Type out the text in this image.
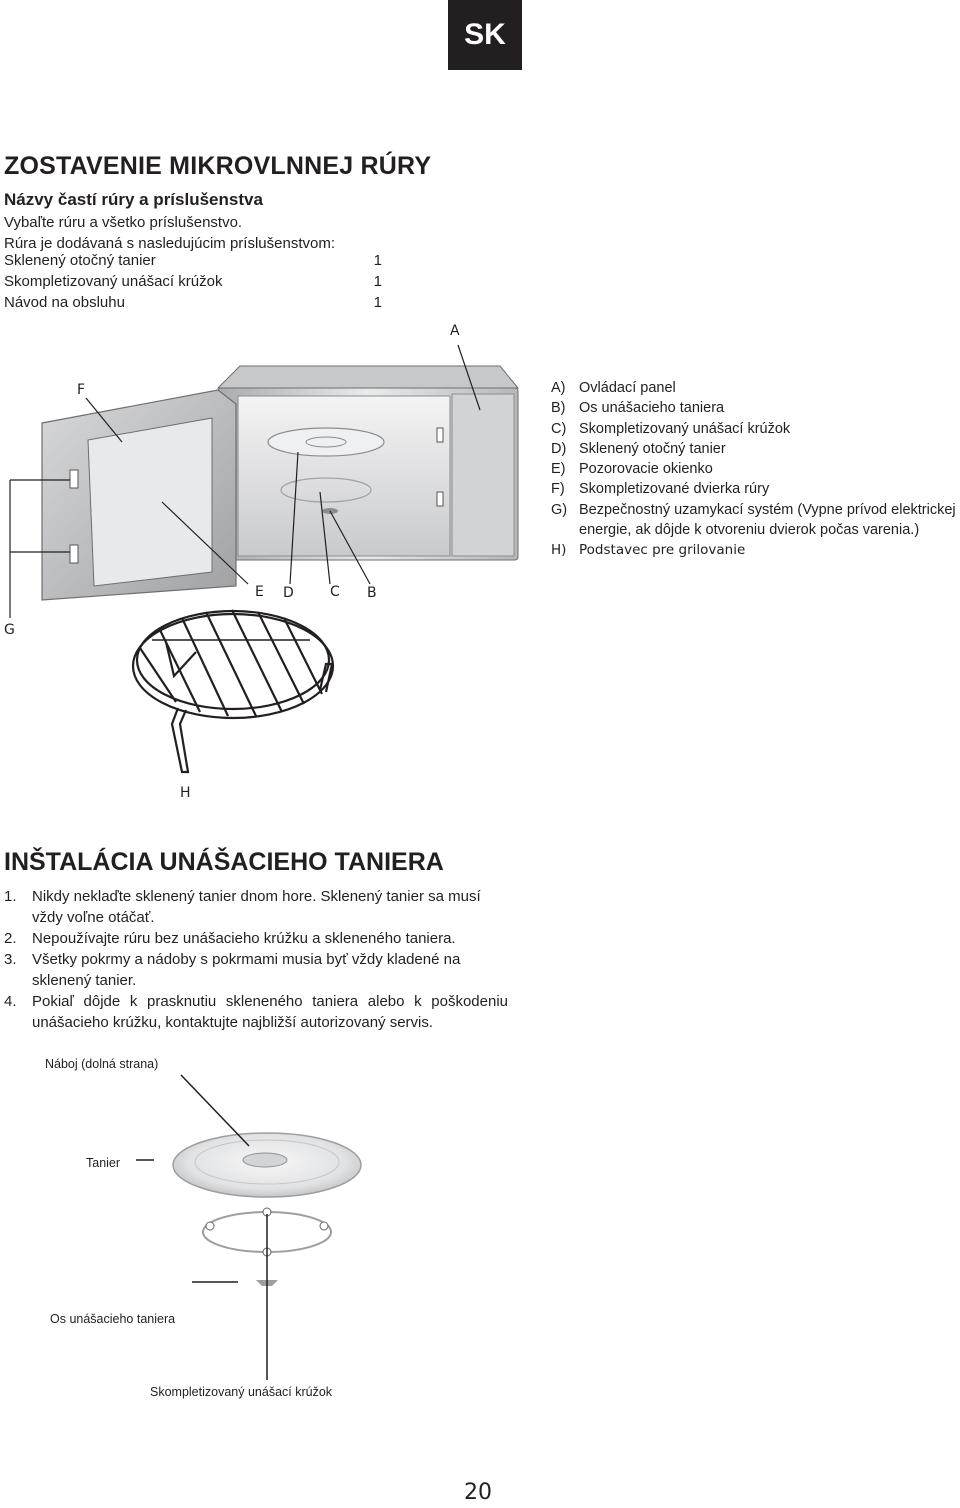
SK
ZOSTAVENIE MIKROVLNNEJ RÚRY
Názvy častí rúry a príslušenstva
Vybaľte rúru a všetko príslušenstvo.
Rúra je dodávaná s nasledujúcim príslušenstvom:
Sklenený otočný tanier	1
Skompletizovaný unášací krúžok	1
Návod na obsluhu	1
A
F
G
E D	C B
H
A) Ovládací panel
B) Os unášacieho taniera
C) Skompletizovaný unášací krúžok
D) Sklenený otočný tanier
E) Pozorovacie okienko
F) Skompletizované dvierka rúry
G) Bezpečnostný uzamykací systém (Vypne prívod elektrickej energie, ak dôjde k otvoreniu dvierok počas varenia.)
H) Podstavec pre grilovanie
INŠTALÁCIA UNÁŠACIEHO TANIERA
1.	Nikdy neklaďte sklenený tanier dnom hore. Sklenený tanier sa musí vždy voľne otáčať.
2.	Nepoužívajte rúru bez unášacieho krúžku a skleneného taniera.
3.	Všetky pokrmy a nádoby s pokrmami musia byť vždy kladené na sklenený tanier.
4.	Pokiaľ dôjde k prasknutiu skleneného taniera alebo k poškodeniu unášacieho krúžku, kontaktujte najbližší autorizovaný servis.
Náboj (dolná strana)
Tanier
Os unášacieho taniera
Skompletizovaný unášací krúžok
20
